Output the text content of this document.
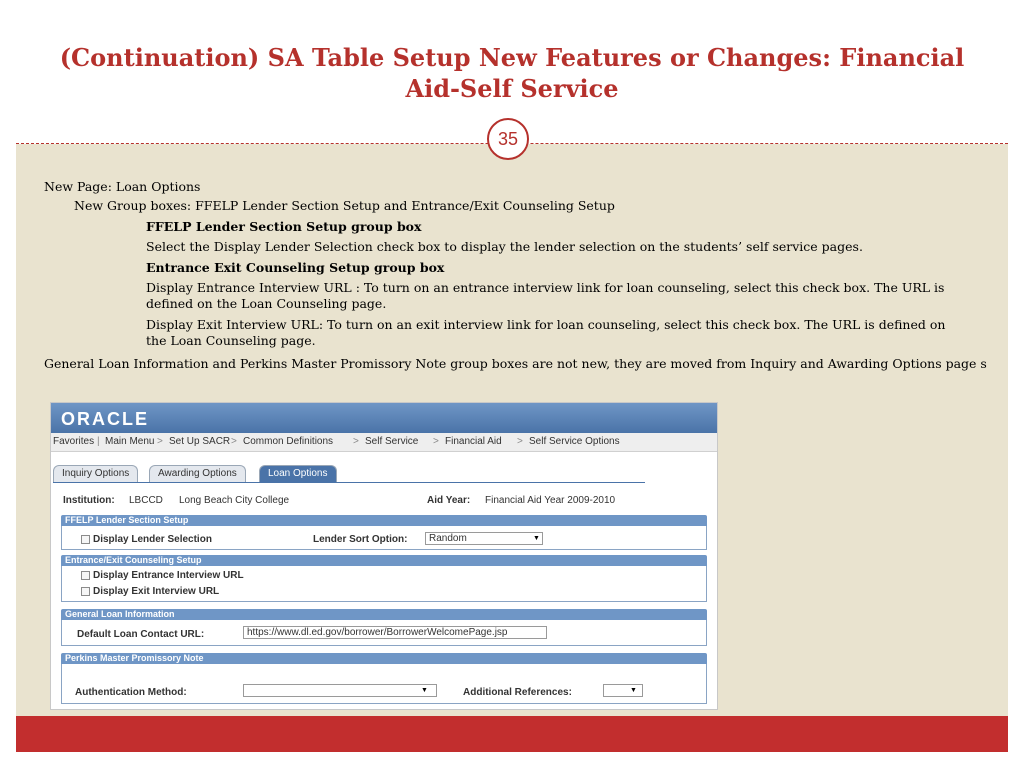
(Continuation) SA Table Setup New Features or Changes: Financial Aid-Self Service
35
New Page: Loan Options
New Group boxes: FFELP Lender Section Setup and Entrance/Exit Counseling Setup
FFELP Lender Section Setup group box
Select the Display Lender Selection check box to display the lender selection on the students’ self service pages.
Entrance Exit Counseling Setup group box
Display Entrance Interview URL : To turn on an entrance interview link for loan counseling, select this check box. The URL is defined on the Loan Counseling page.
Display Exit Interview URL: To turn on an exit interview link for loan counseling, select this check box. The URL is defined on the Loan Counseling page.
General Loan Information and Perkins Master Promissory Note group boxes are not new, they are moved from Inquiry and Awarding Options page s
ORACLE
Favorites | Main Menu > Set Up SACR > Common Definitions > Self Service > Financial Aid > Self Service Options
Inquiry Options	Awarding Options	Loan Options
Institution: LBCCD Long Beach City College	Aid Year: Financial Aid Year 2009-2010
FFELP Lender Section Setup
Display Lender Selection	Lender Sort Option:	Random	▼
Entrance/Exit Counseling Setup
Display Entrance Interview URL
Display Exit Interview URL
General Loan Information
Default Loan Contact URL:	https://www.dl.ed.gov/borrower/BorrowerWelcomePage.jsp
Perkins Master Promissory Note
Authentication Method:	▼	Additional References:	▼
